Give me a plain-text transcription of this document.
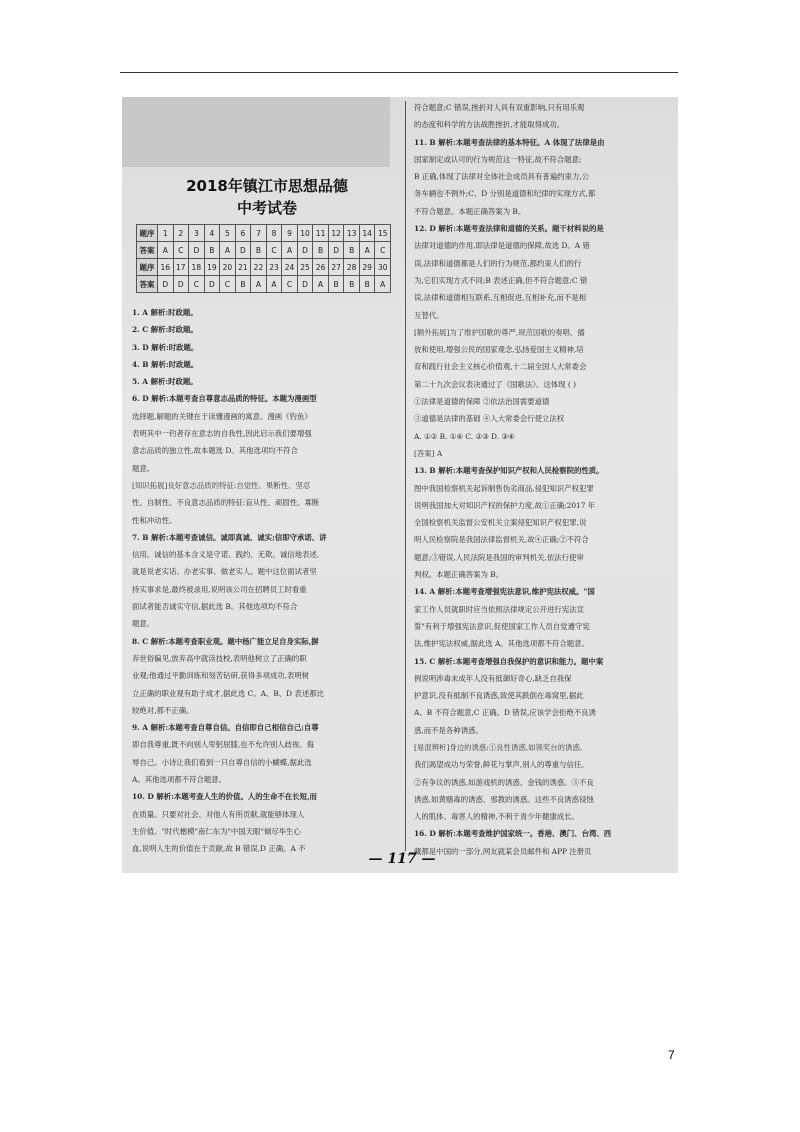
2018年镇江市思想品德
中考试卷
题序	1	2	3	4	5	6	7	8	9	10	11	12	13	14	15
答案	A	C	D	B	A	D	B	C	A	D	B	D	B	A	C
题序	16	17	18	19	20	21	22	23	24	25	26	27	28	29	30
答案	D	D	C	D	C	B	A	A	C	D	A	B	B	B	A

1. A 解析:时政题。

2. C 解析:时政题。

3. D 解析:时政题。

4. B 解析:时政题。

5. A 解析:时政题。

6. D 解析:本题考查自尊意志品质的特征。本题为漫画型

选择题,解题的关键在于读懂漫画的寓意。漫画《钓鱼》

表明其中一钓者存在意志的自我性,因此启示我们要增强

意志品质的独立性,故本题选 D。其他选项均不符合

题意。

[知识拓展]良好意志品质的特征:自觉性、果断性、坚忍

性、自制性。不良意志品质的特征:盲从性、顽固性、寡断

性和冲动性。

7. B 解析:本题考查诚信。诚即真诚、诚实;信即守承诺、讲

信用。诚信的基本含义是守诺、践约、无欺。诚信地表述,

就是说老实话、办老实事、做老实人。题中这位面试者坚

持实事求是,最终被录用,说明该公司在招聘员工时看重

面试者能否诚实守信,据此选 B。其他选项均不符合

题意。

8. C 解析:本题考查职业观。题中杨广能立足自身实际,摒

弃世俗偏见,放弃高中就读技校,表明他树立了正确的职

业观;他通过平勤训练和刻苦钻研,获得多项成功,表明树

立正确的职业观有助于成才,据此选 C。A、B、D 表述都比

较绝对,都不正确。

9. A 解析:本题考查自尊自信。自信即自己相信自己;自尊

即自我尊重,既不向别人卑躬屈膝,也不允许别人歧视、侮

辱自己。小诗让我们看到一只自尊自信的小蝴蝶,据此选

A。其他选项都不符合题意。

10. D 解析:本题考查人生的价值。人的生命不在长短,而

在质量。只要对社会、对他人有所贡献,就能够体现人

生价值。"时代楷模"南仁东为"中国天眼"倾尽毕生心

血,说明人生的价值在于贡献,故 B 错误,D 正确。A 不

符合题意;C 错误,挫折对人具有双重影响,只有用乐观

的态度和科学的方法战胜挫折,才能取得成功。

11. B 解析:本题考查法律的基本特征。A 体现了法律是由

国家制定或认可的行为规范这一特征,故不符合题意;

B 正确,体现了法律对全体社会成员具有普遍约束力,公

务车辆也不例外;C、D 分别是道德和纪律的实现方式,都

不符合题意。本题正确答案为 B。

12. D 解析:本题考查法律和道德的关系。题干材料说的是

法律对道德的作用,即法律是道德的保障,故选 D。A 错

误,法律和道德都是人们的行为规范,都约束人们的行

为,它们实现方式不同;B 表述正确,但不符合题意;C 错

误,法律和道德相互联系,互相促进,互相补充,而不是相

互替代。

[额外拓展]为了维护国歌的尊严,规范国歌的奏唱、播

放和使用,增强公民的国家观念,弘扬爱国主义精神,培

育和践行社会主义核心价值观,十二届全国人大常委会

第二十九次会议表决通过了《国歌法》。这体现 ( )

①法律是道德的保障 ②依法治国需要道德

③道德是法律的基础 ④人大常委会行使立法权

A. ①② B. ①④ C. ②③ D. ③④

[答案] A

13. B 解析:本题考查保护知识产权和人民检察院的性质。

图中我国检察机关起诉制售伪劣商品,侵犯知识产权犯罪

说明我国加大对知识产权的保护力度,故①正确;2017 年

全国检察机关监督公安机关立案侵犯知识产权犯罪,说

明人民检察院是我国法律监督机关,故④正确;②不符合

题意;③错误,人民法院是我国的审判机关,依法行使审

判权。本题正确答案为 B。

14. A 解析:本题考查增强宪法意识,维护宪法权威。"国

家工作人员就职时应当依照法律规定公开进行宪法宣

誓"有利于增强宪法意识,促使国家工作人员自觉遵守宪

法,维护宪法权威,据此选 A。其他选项都不符合题意。

15. C 解析:本题考查增强自我保护的意识和能力。题中案

例说明涉毒未成年人没有抵御好奇心,缺乏自我保

护意识,没有抵制不良诱惑,致使其跌倒在毒窝里,据此

A、B 不符合题意,C 正确。D 错误,应该学会拒绝不良诱

惑,而不是各种诱惑。

[易混辨析]身边的诱惑:①良性诱惑,如领奖台的诱惑,

我们渴望成功与荣誉,鲜花与掌声,别人的尊重与信任。

②有争议的诱惑,如游戏机的诱惑、金钱的诱惑。③不良

诱惑,如黄赌毒的诱惑、邪教的诱惑。这些不良诱惑侵蚀

人的肌体、毒害人的精神,不利于青少年健康成长。

16. D 解析:本题考查维护国家统一。香港、澳门、台湾、西

藏都是中国的一部分,网友就某会员邮件和 APP 注册页

— 117 —
7
